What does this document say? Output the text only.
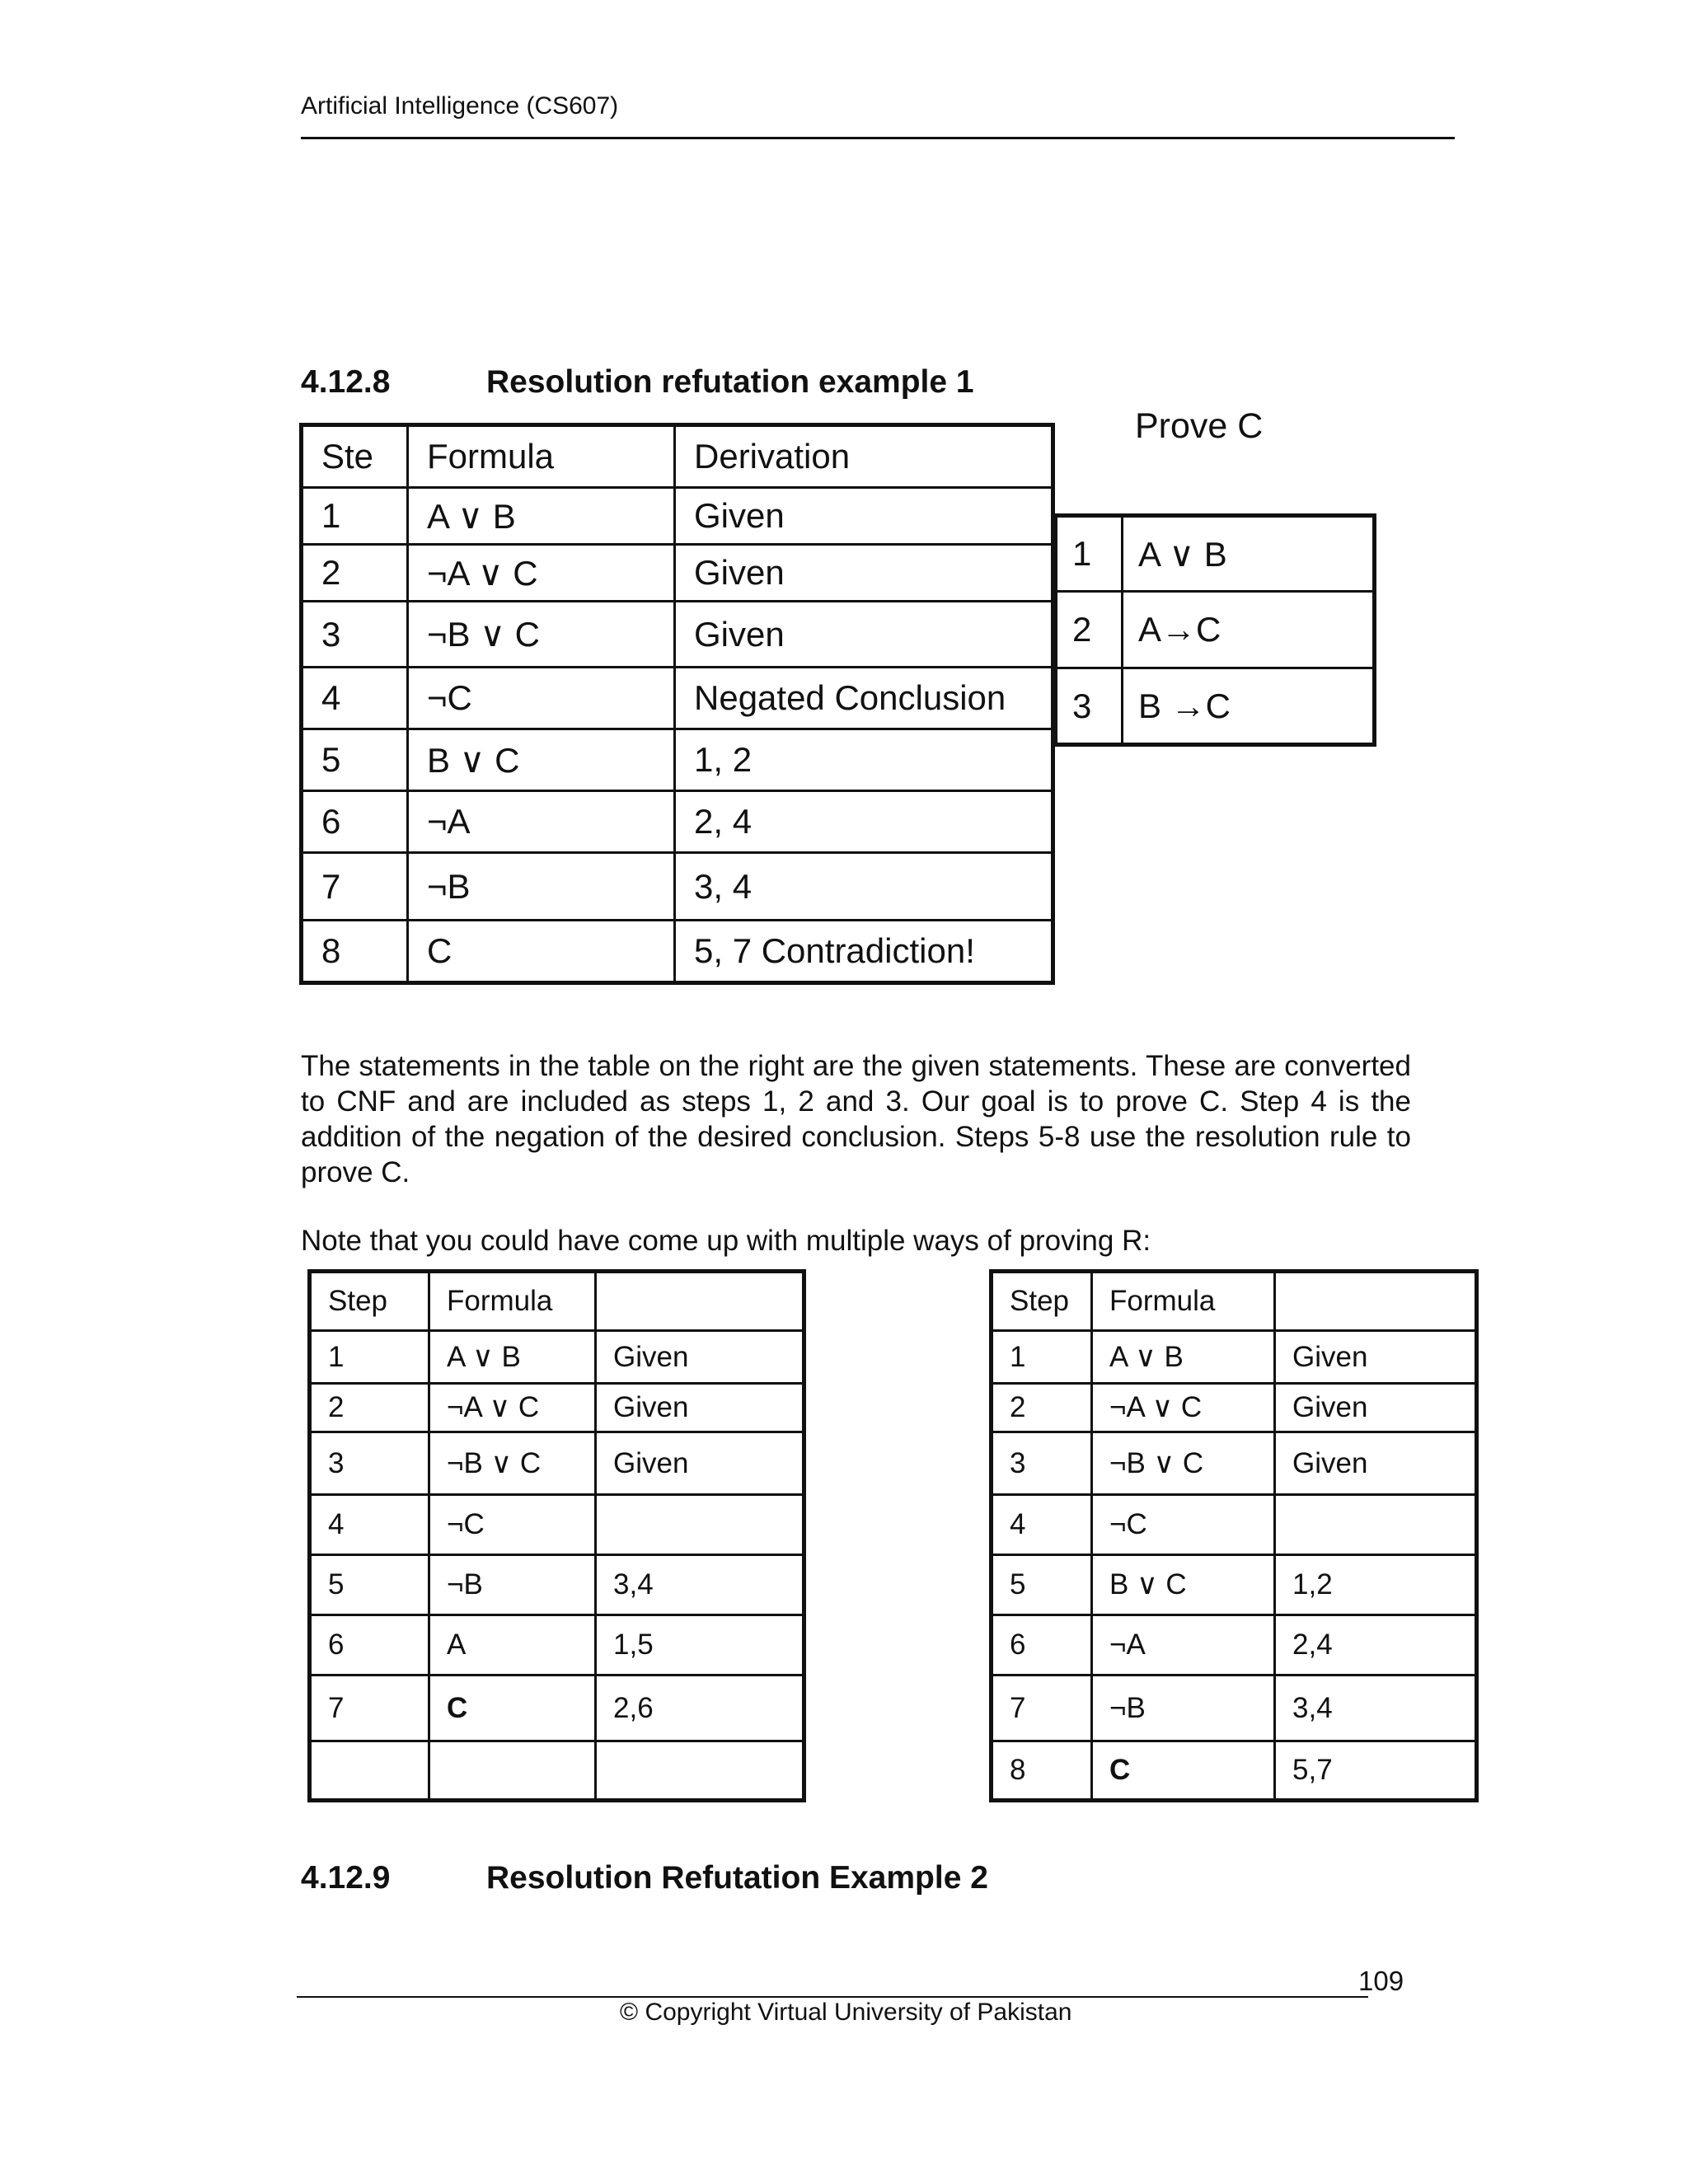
Artificial Intelligence (CS607)
4.12.8	Resolution refutation example 1
Ste	Formula	Derivation
1	A ∨ B	Given
2	¬A ∨ C	Given
3	¬B ∨ C	Given
4	¬C	Negated Conclusion
5	B ∨ C	1, 2
6	¬A	2, 4
7	¬B	3, 4
8	C	5, 7 Contradiction!
Prove C
1	A ∨ B
2	A→C
3	B →C

The statements in the table on the right are the given statements. These are converted to CNF and are included as steps 1, 2 and 3. Our goal is to prove C. Step 4 is the addition of the negation of the desired conclusion. Steps 5-8 use the resolution rule to prove C.

Note that you could have come up with multiple ways of proving R:

Step	Formula	
1	A ∨ B	Given
2	¬A ∨ C	Given
3	¬B ∨ C	Given
4	¬C	
5	¬B	3,4
6	A	1,5
7	C	2,6

Step	Formula	
1	A ∨ B	Given
2	¬A ∨ C	Given
3	¬B ∨ C	Given
4	¬C	
5	B ∨ C	1,2
6	¬A	2,4
7	¬B	3,4
8	C	5,7
4.12.9	Resolution Refutation Example 2
109
© Copyright Virtual University of Pakistan
